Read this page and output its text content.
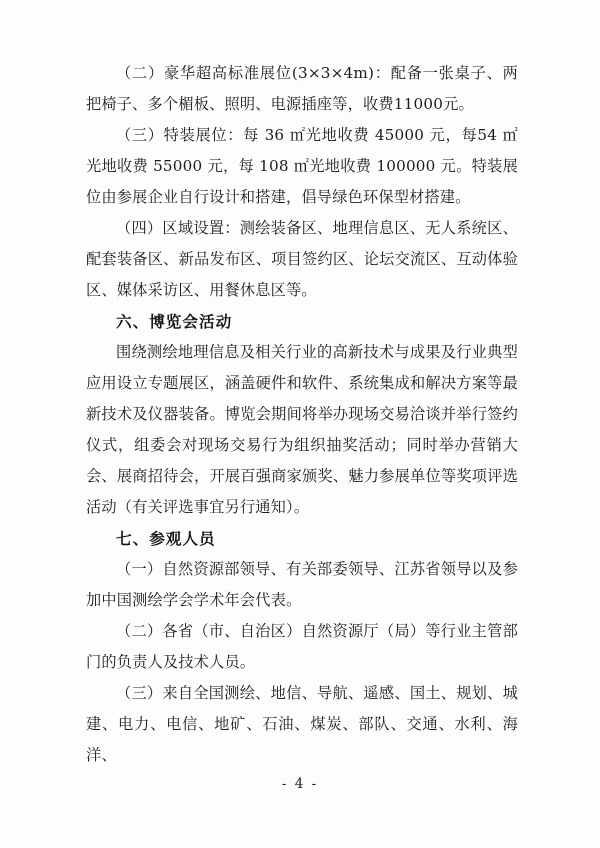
（二）豪华超高标准展位(3×3×4m)：配备一张桌子、两把椅子、多个楣板、照明、电源插座等，收费11000元。

（三）特装展位：每 36 ㎡光地收费 45000 元，每54 ㎡光地收费 55000 元，每 108 ㎡光地收费 100000 元。特装展位由参展企业自行设计和搭建，倡导绿色环保型材搭建。

（四）区域设置：测绘装备区、地理信息区、无人系统区、配套装备区、新品发布区、项目签约区、论坛交流区、互动体验区、媒体采访区、用餐休息区等。

六、博览会活动

围绕测绘地理信息及相关行业的高新技术与成果及行业典型应用设立专题展区，涵盖硬件和软件、系统集成和解决方案等最新技术及仪器装备。博览会期间将举办现场交易洽谈并举行签约仪式，组委会对现场交易行为组织抽奖活动；同时举办营销大会、展商招待会，开展百强商家颁奖、魅力参展单位等奖项评选活动（有关评选事宜另行通知）。

七、参观人员

（一）自然资源部领导、有关部委领导、江苏省领导以及参加中国测绘学会学术年会代表。

（二）各省（市、自治区）自然资源厅（局）等行业主管部门的负责人及技术人员。

（三）来自全国测绘、地信、导航、遥感、国土、规划、城建、电力、电信、地矿、石油、煤炭、部队、交通、水利、海洋、

- 4 -
